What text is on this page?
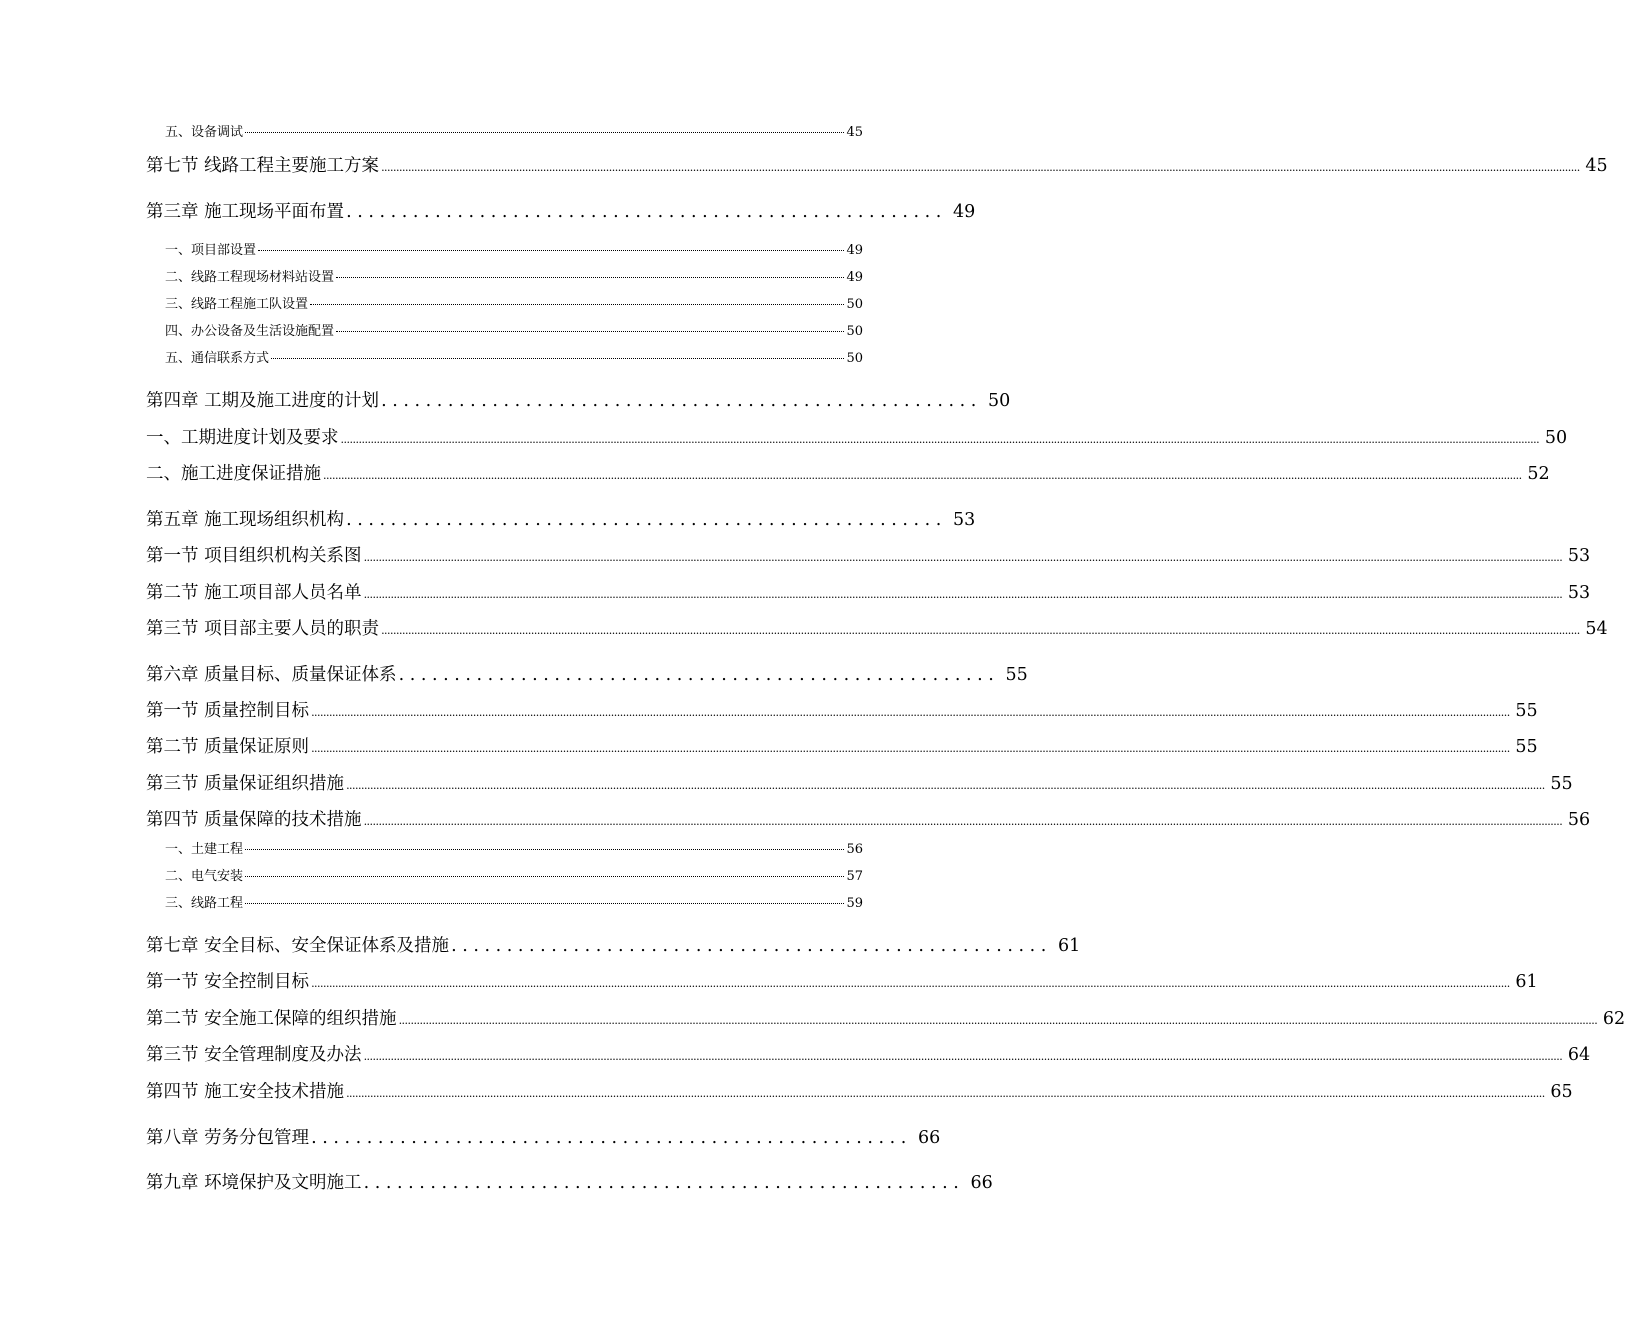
五、设备调试	45
第七节 线路工程主要施工方案 ................................................................................................................................................................................................................................................................................................................................................................................................................ 45
第三章 施工现场平面布置 . . . . . . . . . . . . . . . . . . . . . . . . . . . . . . . . . . . . . . . . . . . . . . . . . . . . . . 49
一、项目部设置	49
二、线路工程现场材料站设置	49
三、线路工程施工队设置	50
四、办公设备及生活设施配置	50
五、通信联系方式	50
第四章 工期及施工进度的计划 . . . . . . . . . . . . . . . . . . . . . . . . . . . . . . . . . . . . . . . . . . . . . . . . . . . . . . 50
一、工期进度计划及要求 ................................................................................................................................................................................................................................................................................................................................................................................................................ 50
二、施工进度保证措施 ................................................................................................................................................................................................................................................................................................................................................................................................................ 52
第五章 施工现场组织机构 . . . . . . . . . . . . . . . . . . . . . . . . . . . . . . . . . . . . . . . . . . . . . . . . . . . . . . 53
第一节 项目组织机构关系图 ................................................................................................................................................................................................................................................................................................................................................................................................................ 53
第二节 施工项目部人员名单 ................................................................................................................................................................................................................................................................................................................................................................................................................ 53
第三节 项目部主要人员的职责 ................................................................................................................................................................................................................................................................................................................................................................................................................ 54
第六章 质量目标、质量保证体系 . . . . . . . . . . . . . . . . . . . . . . . . . . . . . . . . . . . . . . . . . . . . . . . . . . . . . . 55
第一节 质量控制目标 ................................................................................................................................................................................................................................................................................................................................................................................................................ 55
第二节 质量保证原则 ................................................................................................................................................................................................................................................................................................................................................................................................................ 55
第三节 质量保证组织措施 ................................................................................................................................................................................................................................................................................................................................................................................................................ 55
第四节 质量保障的技术措施 ................................................................................................................................................................................................................................................................................................................................................................................................................ 56
一、土建工程	56
二、电气安装	57
三、线路工程	59
第七章 安全目标、安全保证体系及措施 . . . . . . . . . . . . . . . . . . . . . . . . . . . . . . . . . . . . . . . . . . . . . . . . . . . . . . 61
第一节 安全控制目标 ................................................................................................................................................................................................................................................................................................................................................................................................................ 61
第二节 安全施工保障的组织措施 ................................................................................................................................................................................................................................................................................................................................................................................................................ 62
第三节 安全管理制度及办法 ................................................................................................................................................................................................................................................................................................................................................................................................................ 64
第四节 施工安全技术措施 ................................................................................................................................................................................................................................................................................................................................................................................................................ 65
第八章 劳务分包管理 . . . . . . . . . . . . . . . . . . . . . . . . . . . . . . . . . . . . . . . . . . . . . . . . . . . . . . 66
第九章 环境保护及文明施工 . . . . . . . . . . . . . . . . . . . . . . . . . . . . . . . . . . . . . . . . . . . . . . . . . . . . . . 66
